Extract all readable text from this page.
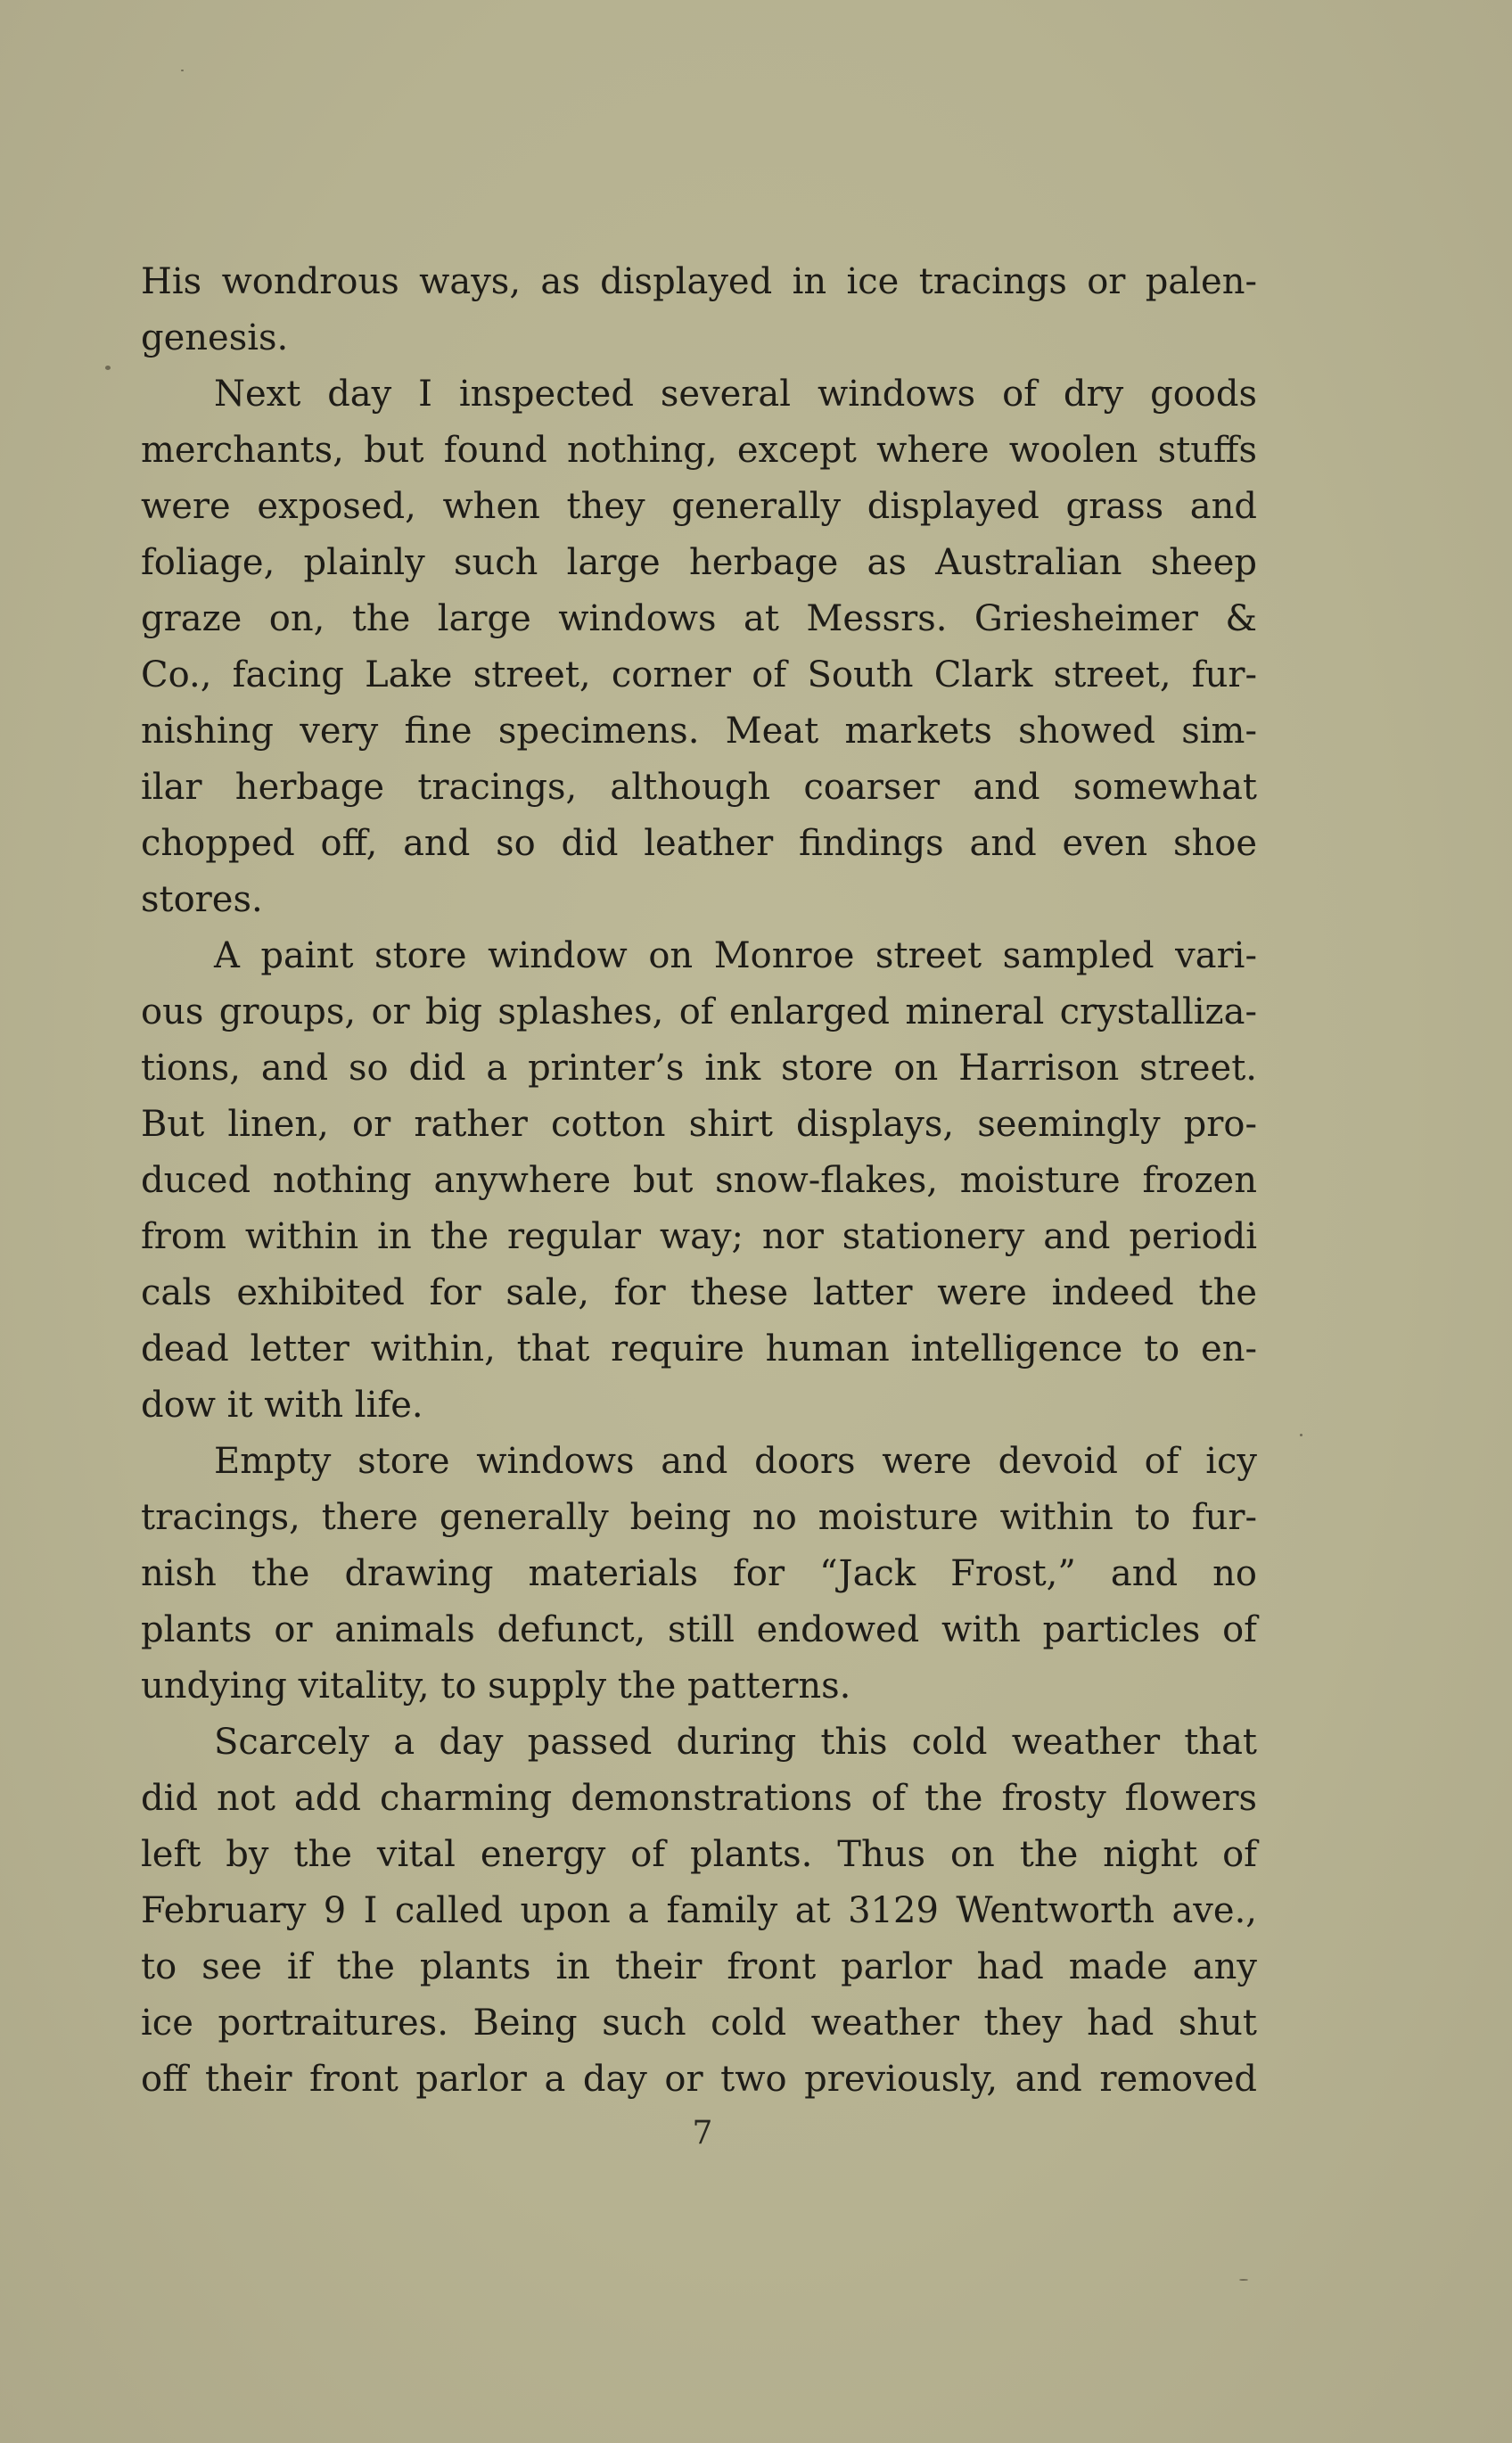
His wondrous ways, as displayed in ice tracings or palen-
genesis.
Next day I inspected several windows of dry goods
merchants, but found nothing, except where woolen stuffs
were exposed, when they generally displayed grass and
foliage, plainly such large herbage as Australian sheep
graze on, the large windows at Messrs. Griesheimer &
Co., facing Lake street, corner of South Clark street, fur-
nishing very fine specimens. Meat markets showed sim-
ilar herbage tracings, although coarser and somewhat
chopped off, and so did leather findings and even shoe
stores.
A paint store window on Monroe street sampled vari-
ous groups, or big splashes, of enlarged mineral crystalliza-
tions, and so did a printer’s ink store on Harrison street.
But linen, or rather cotton shirt displays, seemingly pro-
duced nothing anywhere but snow-flakes, moisture frozen
from within in the regular way; nor stationery and periodi
cals exhibited for sale, for these latter were indeed the
dead letter within, that require human intelligence to en-
dow it with life.
Empty store windows and doors were devoid of icy
tracings, there generally being no moisture within to fur-
nish the drawing materials for “Jack Frost,” and no
plants or animals defunct, still endowed with particles of
undying vitality, to supply the patterns.
Scarcely a day passed during this cold weather that
did not add charming demonstrations of the frosty flowers
left by the vital energy of plants. Thus on the night of
February 9 I called upon a family at 3129 Wentworth ave.,
to see if the plants in their front parlor had made any
ice portraitures. Being such cold weather they had shut
off their front parlor a day or two previously, and removed
7
